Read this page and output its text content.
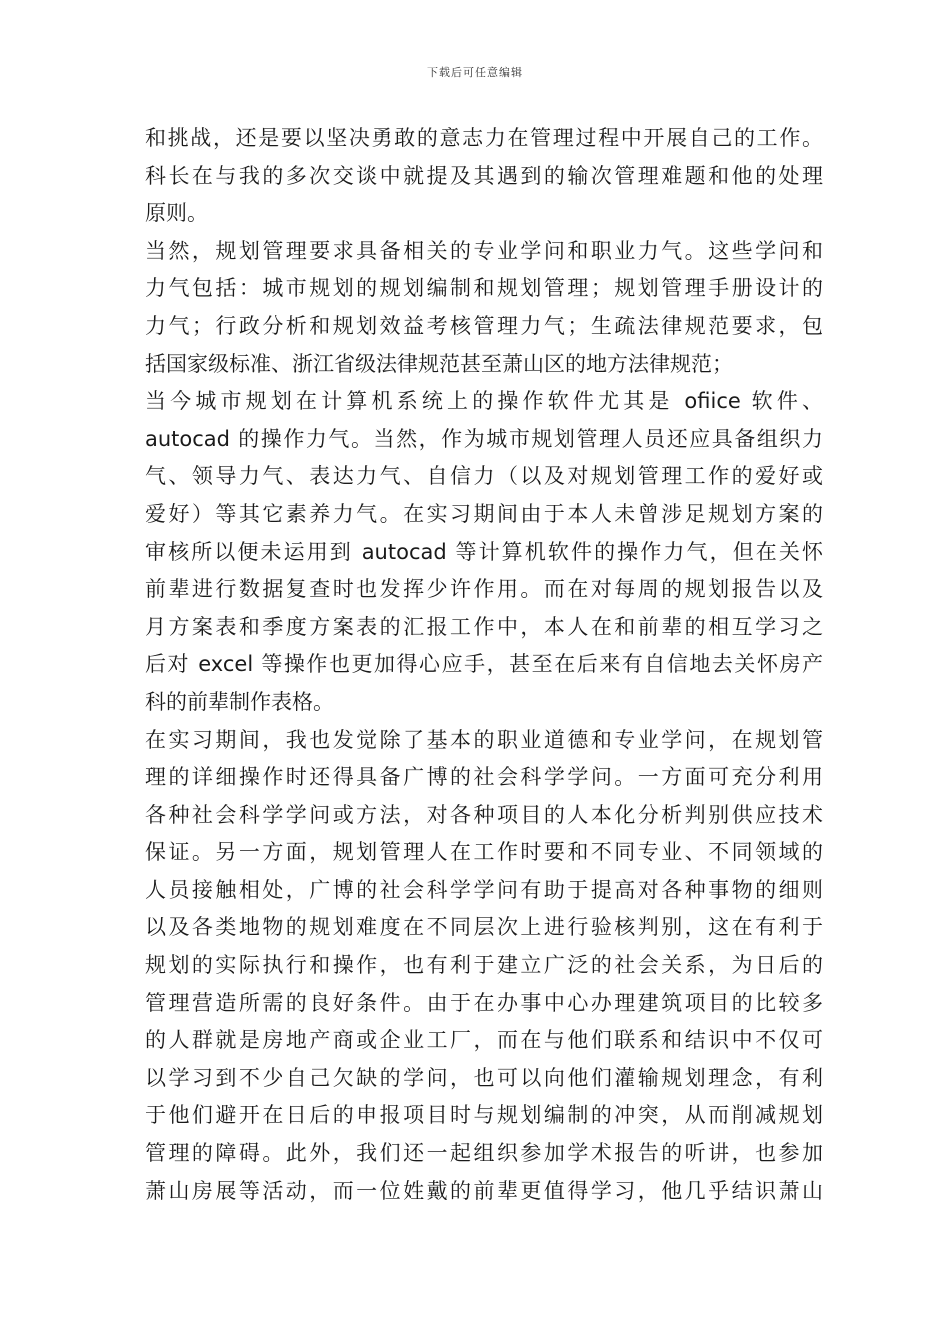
下载后可任意编辑
和挑战，还是要以坚决勇敢的意志力在管理过程中开展自己的工作。
科长在与我的多次交谈中就提及其遇到的输次管理难题和他的处理
原则。
当然，规划管理要求具备相关的专业学问和职业力气。这些学问和
力气包括：城市规划的规划编制和规划管理；规划管理手册设计的
力气；行政分析和规划效益考核管理力气；生疏法律规范要求，包
括国家级标准、浙江省级法律规范甚至萧山区的地方法律规范；
当今城市规划在计算机系统上的操作软件尤其是 ofiice 软件、
autocad 的操作力气。当然，作为城市规划管理人员还应具备组织力
气、领导力气、表达力气、自信力（以及对规划管理工作的爱好或
爱好）等其它素养力气。在实习期间由于本人未曾涉足规划方案的
审核所以便未运用到 autocad 等计算机软件的操作力气，但在关怀
前辈进行数据复查时也发挥少许作用。而在对每周的规划报告以及
月方案表和季度方案表的汇报工作中，本人在和前辈的相互学习之
后对 excel 等操作也更加得心应手，甚至在后来有自信地去关怀房产
科的前辈制作表格。
在实习期间，我也发觉除了基本的职业道德和专业学问，在规划管
理的详细操作时还得具备广博的社会科学学问。一方面可充分利用
各种社会科学学问或方法，对各种项目的人本化分析判别供应技术
保证。另一方面，规划管理人在工作时要和不同专业、不同领域的
人员接触相处，广博的社会科学学问有助于提高对各种事物的细则
以及各类地物的规划难度在不同层次上进行验核判别，这在有利于
规划的实际执行和操作，也有利于建立广泛的社会关系，为日后的
管理营造所需的良好条件。由于在办事中心办理建筑项目的比较多
的人群就是房地产商或企业工厂，而在与他们联系和结识中不仅可
以学习到不少自己欠缺的学问，也可以向他们灌输规划理念，有利
于他们避开在日后的申报项目时与规划编制的冲突，从而削减规划
管理的障碍。此外，我们还一起组织参加学术报告的听讲，也参加
萧山房展等活动，而一位姓戴的前辈更值得学习，他几乎结识萧山
